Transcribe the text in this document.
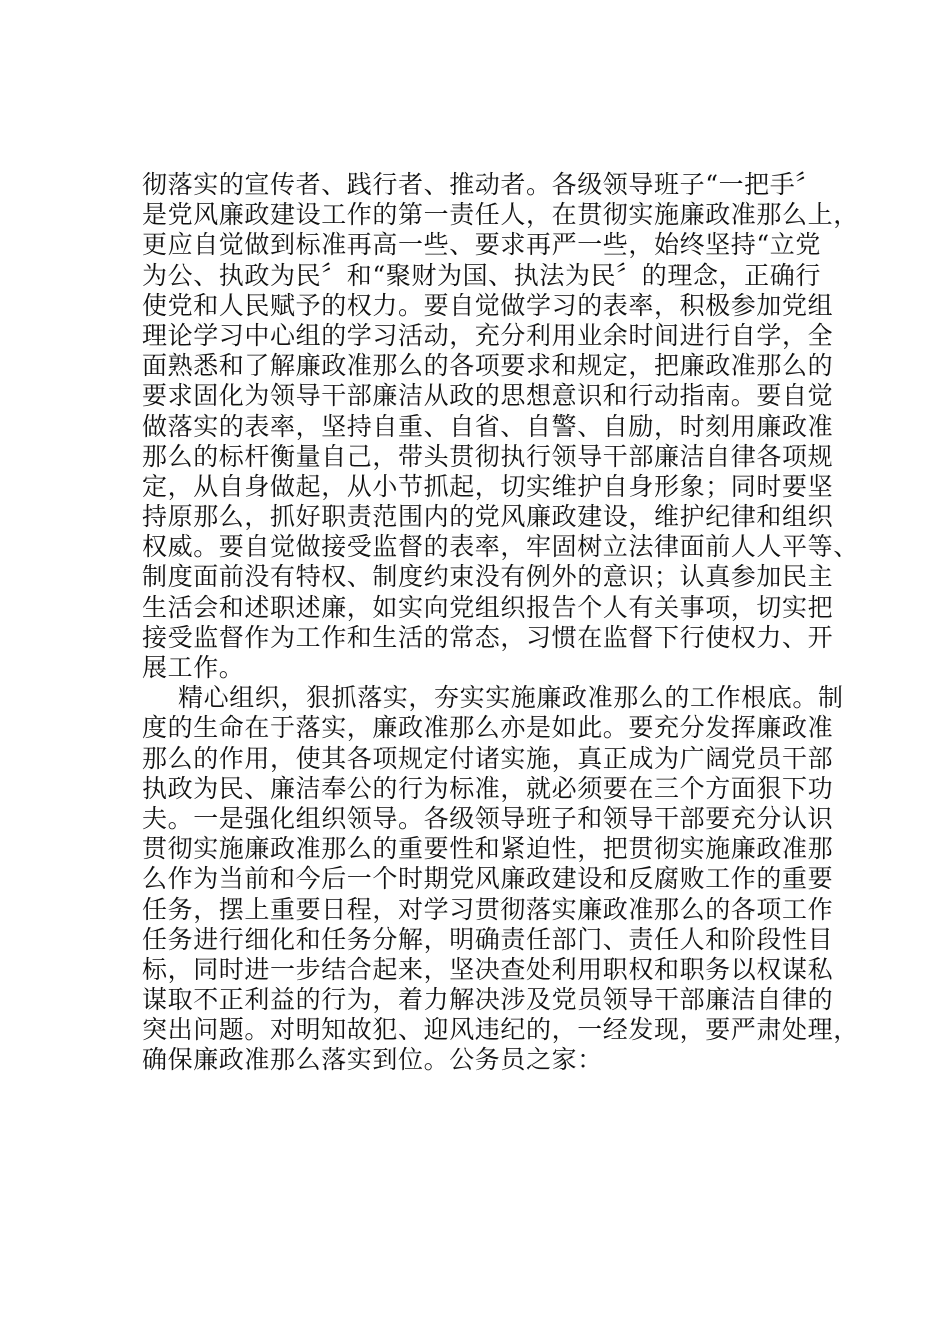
彻落实的宣传者、践行者、推动者。各级领导班子“一把手〞
是党风廉政建设工作的第一责任人，在贯彻实施廉政准那么上，
更应自觉做到标准再高一些、要求再严一些，始终坚持“立党
为公、执政为民〞和“聚财为国、执法为民〞的理念，正确行
使党和人民赋予的权力。要自觉做学习的表率，积极参加党组
理论学习中心组的学习活动，充分利用业余时间进行自学，全
面熟悉和了解廉政准那么的各项要求和规定，把廉政准那么的
要求固化为领导干部廉洁从政的思想意识和行动指南。要自觉
做落实的表率，坚持自重、自省、自警、自励，时刻用廉政准
那么的标杆衡量自己，带头贯彻执行领导干部廉洁自律各项规
定，从自身做起，从小节抓起，切实维护自身形象；同时要坚
持原那么，抓好职责范围内的党风廉政建设，维护纪律和组织
权威。要自觉做接受监督的表率，牢固树立法律面前人人平等、
制度面前没有特权、制度约束没有例外的意识；认真参加民主
生活会和述职述廉，如实向党组织报告个人有关事项，切实把
接受监督作为工作和生活的常态，习惯在监督下行使权力、开
展工作。
精心组织，狠抓落实，夯实实施廉政准那么的工作根底。制
度的生命在于落实，廉政准那么亦是如此。要充分发挥廉政准
那么的作用，使其各项规定付诸实施，真正成为广阔党员干部
执政为民、廉洁奉公的行为标准，就必须要在三个方面狠下功
夫。一是强化组织领导。各级领导班子和领导干部要充分认识
贯彻实施廉政准那么的重要性和紧迫性，把贯彻实施廉政准那
么作为当前和今后一个时期党风廉政建设和反腐败工作的重要
任务，摆上重要日程，对学习贯彻落实廉政准那么的各项工作
任务进行细化和任务分解，明确责任部门、责任人和阶段性目
标，同时进一步结合起来，坚决查处利用职权和职务以权谋私
谋取不正利益的行为，着力解决涉及党员领导干部廉洁自律的
突出问题。对明知故犯、迎风违纪的，一经发现，要严肃处理，
确保廉政准那么落实到位。公务员之家：
